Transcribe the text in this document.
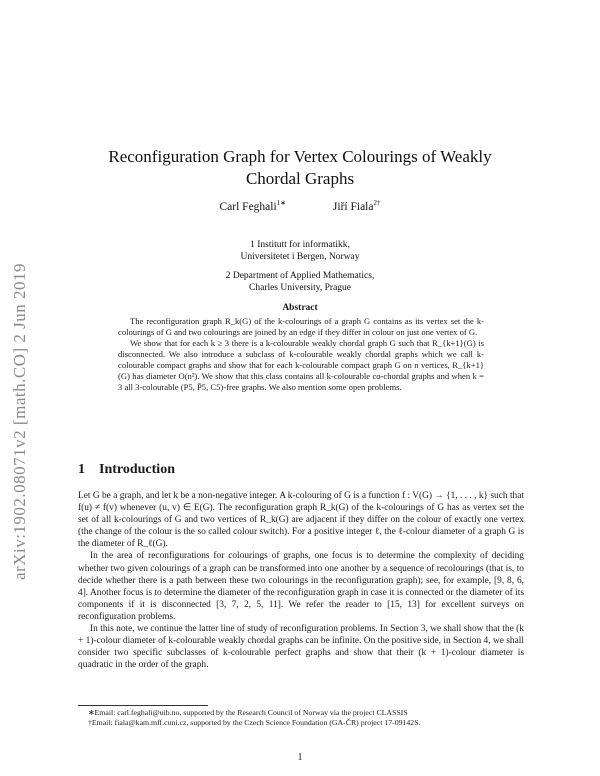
arXiv:1902.08071v2 [math.CO] 2 Jun 2019
Reconfiguration Graph for Vertex Colourings of Weakly
Chordal Graphs
Carl Feghali$^{1∗}$	Jiří Fiala$^{2\dagger}$
1 Institutt for informatikk,
Universitetet i Bergen, Norway
2 Department of Applied Mathematics,
Charles University, Prague
Abstract

The reconfiguration graph R_k(G) of the k-colourings of a graph G contains as its vertex set the k-colourings of G and two colourings are joined by an edge if they differ in colour on just one vertex of G.

We show that for each k ≥ 3 there is a k-colourable weakly chordal graph G such that R_{k+1}(G) is disconnected. We also introduce a subclass of k-colourable weakly chordal graphs which we call k-colourable compact graphs and show that for each k-colourable compact graph G on n vertices, R_{k+1}(G) has diameter O(n²). We show that this class contains all k-colourable co-chordal graphs and when k = 3 all 3-colourable (P5, P̄5, C5)-free graphs. We also mention some open problems.

1 Introduction

Let G be a graph, and let k be a non-negative integer. A k-colouring of G is a function f : V(G) → {1, . . . , k} such that f(u) ≠ f(v) whenever (u, v) ∈ E(G). The reconfiguration graph R_k(G) of the k-colourings of G has as vertex set the set of all k-colourings of G and two vertices of R_k(G) are adjacent if they differ on the colour of exactly one vertex (the change of the colour is the so called colour switch). For a positive integer ℓ, the ℓ-colour diameter of a graph G is the diameter of R_ℓ(G).

In the area of reconfigurations for colourings of graphs, one focus is to determine the complexity of deciding whether two given colourings of a graph can be transformed into one another by a sequence of recolourings (that is, to decide whether there is a path between these two colourings in the reconfiguration graph); see, for example, [9, 8, 6, 4]. Another focus is to determine the diameter of the reconfiguration graph in case it is connected or the diameter of its components if it is disconnected [3, 7, 2, 5, 11]. We refer the reader to [15, 13] for excellent surveys on reconfiguration problems.

In this note, we continue the latter line of study of reconfiguration problems. In Section 3, we shall show that the (k + 1)-colour diameter of k-colourable weakly chordal graphs can be infinite. On the positive side, in Section 4, we shall consider two specific subclasses of k-colourable perfect graphs and show that their (k + 1)-colour diameter is quadratic in the order of the graph.

∗Email: carl.feghali@uib.no, supported by the Research Council of Norway via the project CLASSIS
†Email: fiala@kam.mff.cuni.cz, supported by the Czech Science Foundation (GA-ČR) project 17-09142S.
1
